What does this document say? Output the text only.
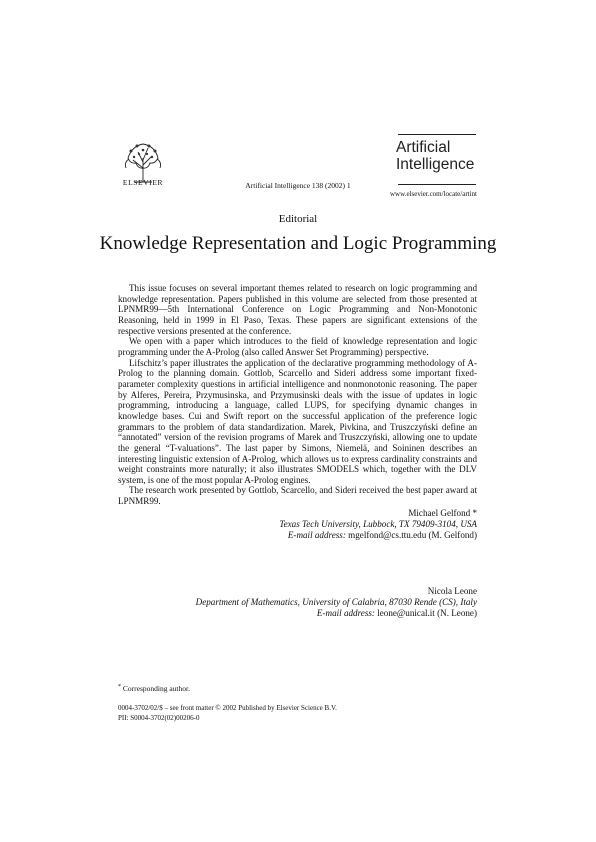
ELSEVIER	Artificial Intelligence 138 (2002) 1
Artificial
Intelligence
www.elsevier.com/locate/artint
Editorial
Knowledge Representation and Logic Programming

This issue focuses on several important themes related to research on logic programming and knowledge representation. Papers published in this volume are selected from those presented at LPNMR99—5th International Conference on Logic Programming and Non-Monotonic Reasoning, held in 1999 in El Paso, Texas. These papers are significant extensions of the respective versions presented at the conference.

We open with a paper which introduces to the field of knowledge representation and logic programming under the A-Prolog (also called Answer Set Programming) perspective.

Lifschitz’s paper illustrates the application of the declarative programming methodology of A-Prolog to the planning domain. Gottlob, Scarcello and Sideri address some important fixed-parameter complexity questions in artificial intelligence and nonmonotonic reasoning. The paper by Alferes, Pereira, Przymusinska, and Przymusinski deals with the issue of updates in logic programming, introducing a language, called LUPS, for specifying dynamic changes in knowledge bases. Cui and Swift report on the successful application of the preference logic grammars to the problem of data standardization. Marek, Pivkina, and Truszczyński define an “annotated” version of the revision programs of Marek and Truszczyński, allowing one to update the general “T-valuations”. The last paper by Simons, Niemelä, and Soininen describes an interesting linguistic extension of A-Prolog, which allows us to express cardinality constraints and weight constraints more naturally; it also illustrates SMODELS which, together with the DLV system, is one of the most popular A-Prolog engines.

The research work presented by Gottlob, Scarcello, and Sideri received the best paper award at LPNMR99.

Michael Gelfond *
Texas Tech University, Lubbock, TX 79409-3104, USA
E-mail address: mgelfond@cs.ttu.edu (M. Gelfond)
Nicola Leone
Department of Mathematics, University of Calabria, 87030 Rende (CS), Italy
E-mail address: leone@unical.it (N. Leone)
* Corresponding author.
0004-3702/02/$ – see front matter © 2002 Published by Elsevier Science B.V.
PII: S0004-3702(02)00206-0
